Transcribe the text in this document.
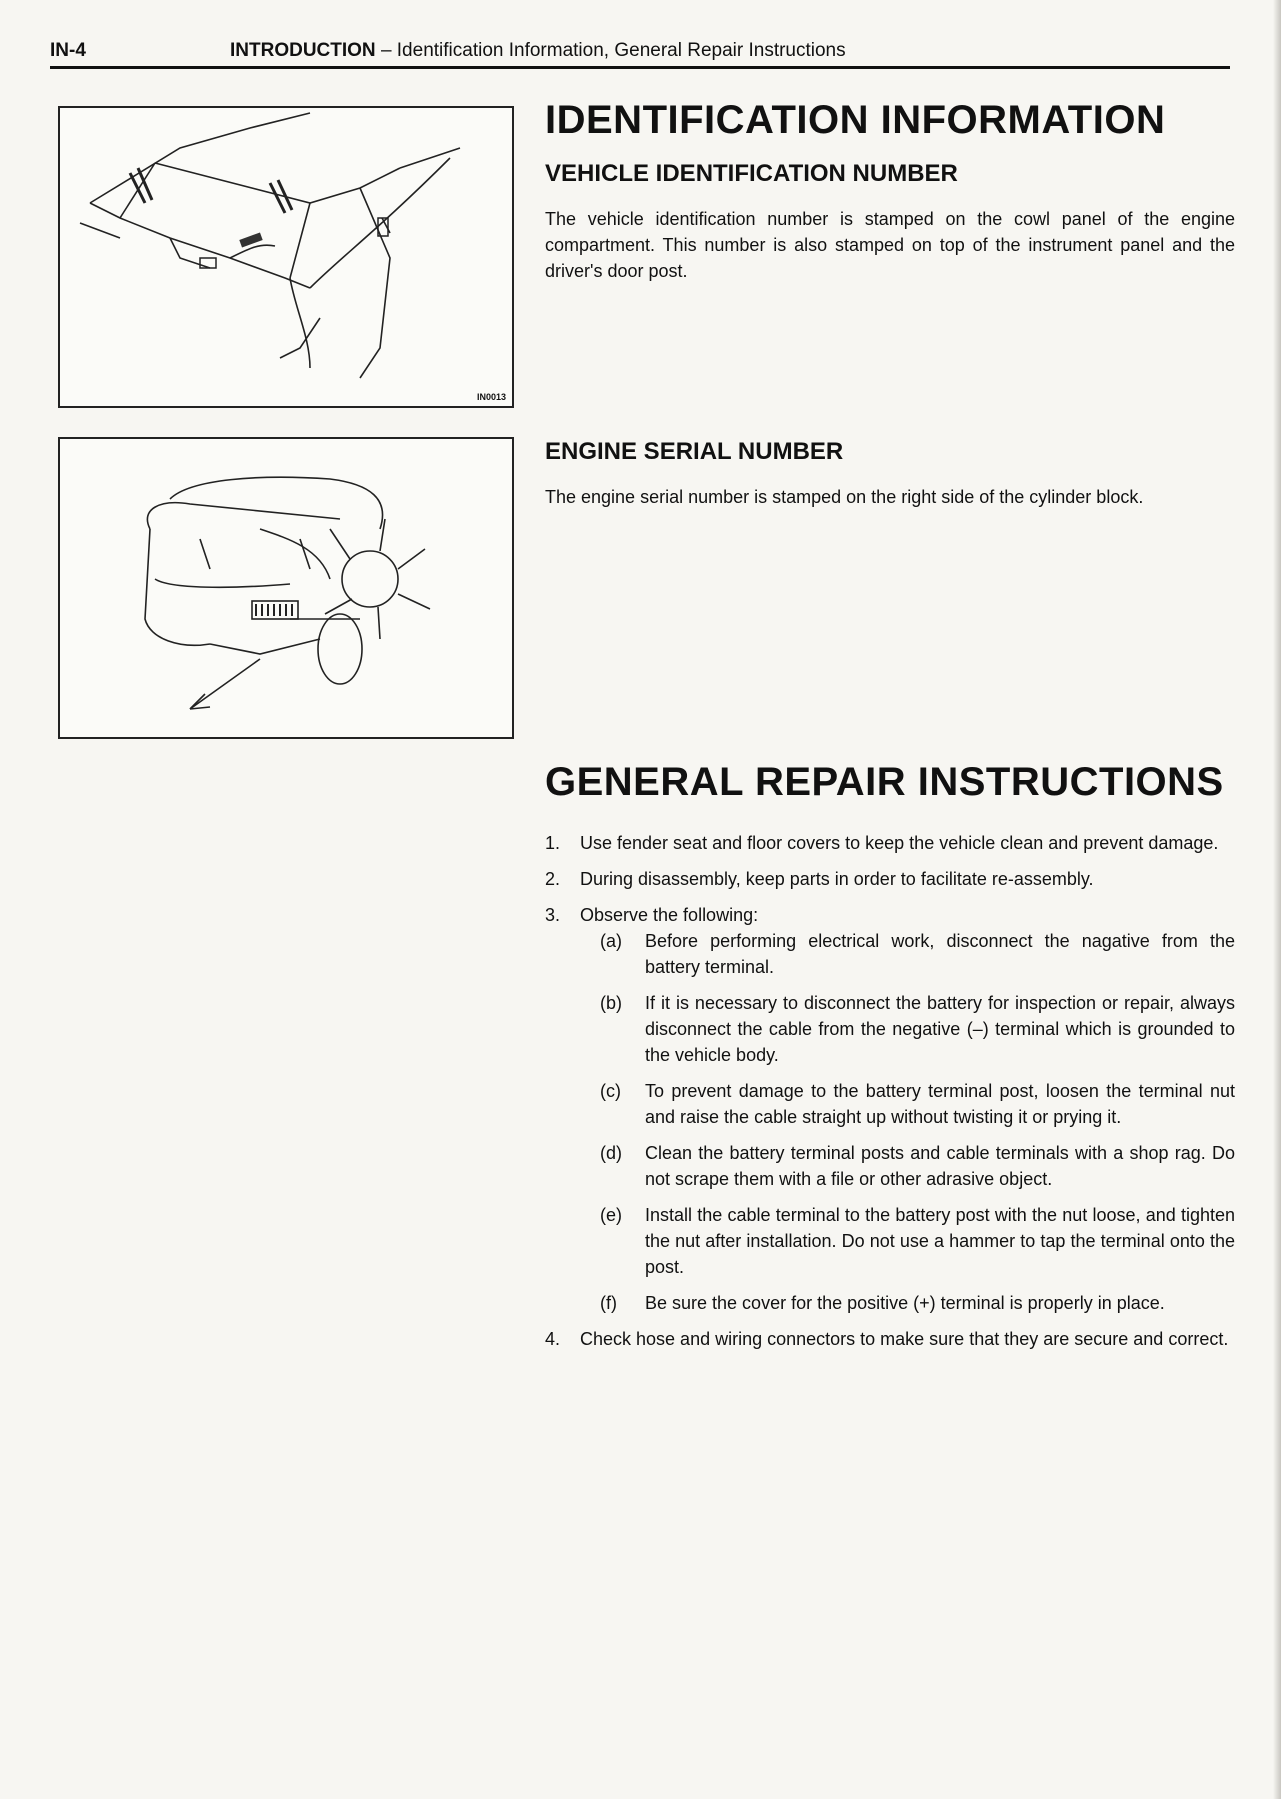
IN-4	INTRODUCTION – Identification Information, General Repair Instructions
IN0013
IDENTIFICATION INFORMATION
VEHICLE IDENTIFICATION NUMBER

The vehicle identification number is stamped on the cowl panel of the engine compartment. This number is also stamped on top of the instrument panel and the driver's door post.

ENGINE SERIAL NUMBER

The engine serial number is stamped on the right side of the cylinder block.

GENERAL REPAIR INSTRUCTIONS
1. Use fender seat and floor covers to keep the vehicle clean and prevent damage.
2. During disassembly, keep parts in order to facilitate re-assembly.
3. Observe the following:
(a) Before performing electrical work, disconnect the nagative from the battery terminal.
(b) If it is necessary to disconnect the battery for inspection or repair, always disconnect the cable from the negative (–) terminal which is grounded to the vehicle body.
(c) To prevent damage to the battery terminal post, loosen the terminal nut and raise the cable straight up without twisting it or prying it.
(d) Clean the battery terminal posts and cable terminals with a shop rag. Do not scrape them with a file or other adrasive object.
(e) Install the cable terminal to the battery post with the nut loose, and tighten the nut after installation. Do not use a hammer to tap the terminal onto the post.
(f) Be sure the cover for the positive (+) terminal is properly in place.
4. Check hose and wiring connectors to make sure that they are secure and correct.
